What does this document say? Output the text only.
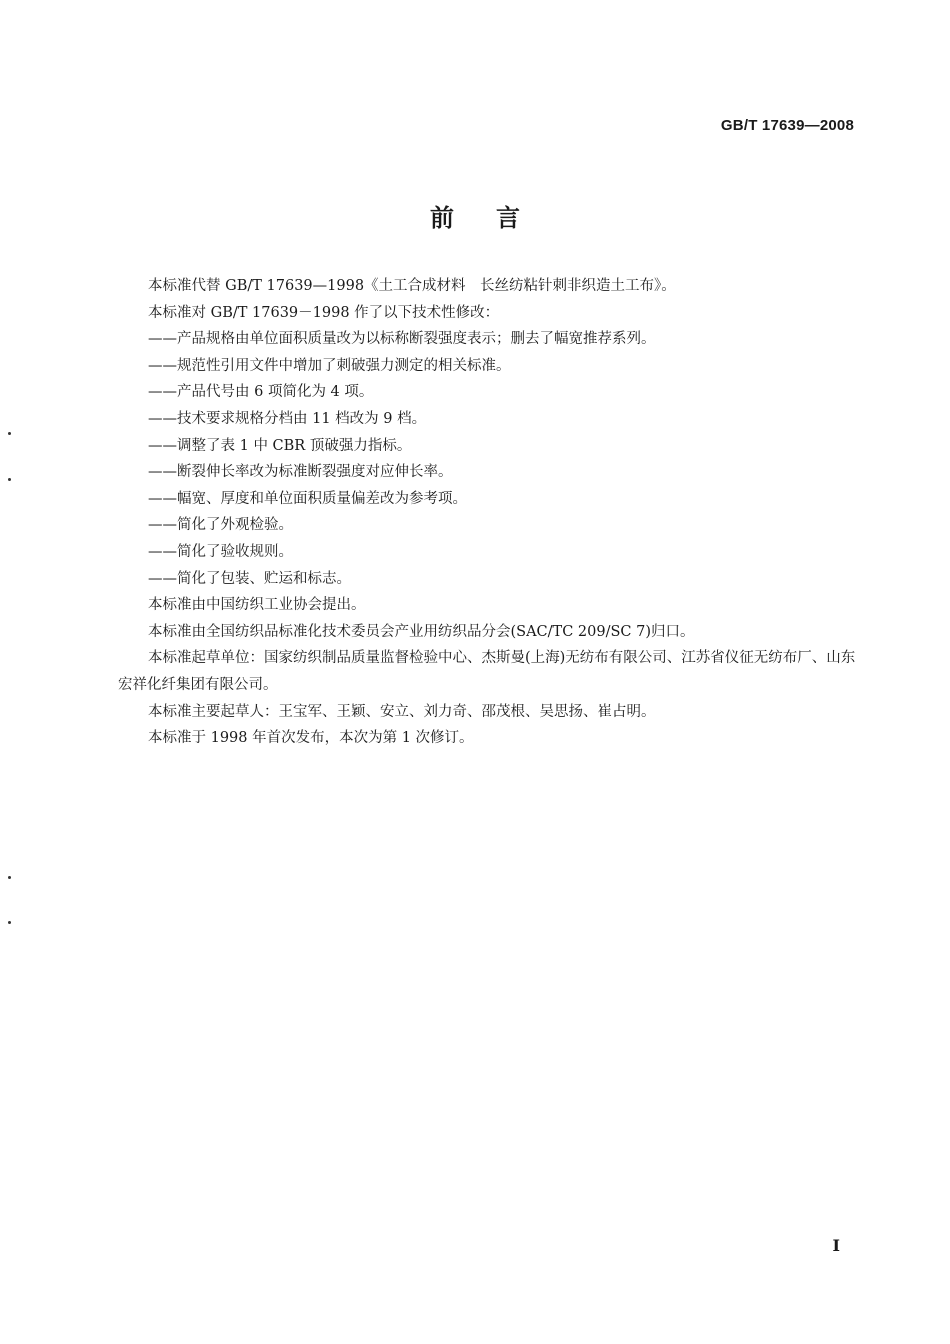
GB/T 17639—2008
前言

本标准代替 GB/T 17639—1998《土工合成材料　长丝纺粘针刺非织造土工布》。

本标准对 GB/T 17639－1998 作了以下技术性修改：

——产品规格由单位面积质量改为以标称断裂强度表示；删去了幅宽推荐系列。

——规范性引用文件中增加了刺破强力测定的相关标准。

——产品代号由 6 项简化为 4 项。

——技术要求规格分档由 11 档改为 9 档。

——调整了表 1 中 CBR 顶破强力指标。

——断裂伸长率改为标准断裂强度对应伸长率。

——幅宽、厚度和单位面积质量偏差改为参考项。

——简化了外观检验。

——简化了验收规则。

——简化了包装、贮运和标志。

本标准由中国纺织工业协会提出。

本标准由全国纺织品标准化技术委员会产业用纺织品分会(SAC/TC 209/SC 7)归口。

本标准起草单位：国家纺织制品质量监督检验中心、杰斯曼(上海)无纺布有限公司、江苏省仪征无纺布厂、山东宏祥化纤集团有限公司。

本标准主要起草人：王宝军、王颖、安立、刘力奇、邵茂根、吴思扬、崔占明。

本标准于 1998 年首次发布，本次为第 1 次修订。

I
